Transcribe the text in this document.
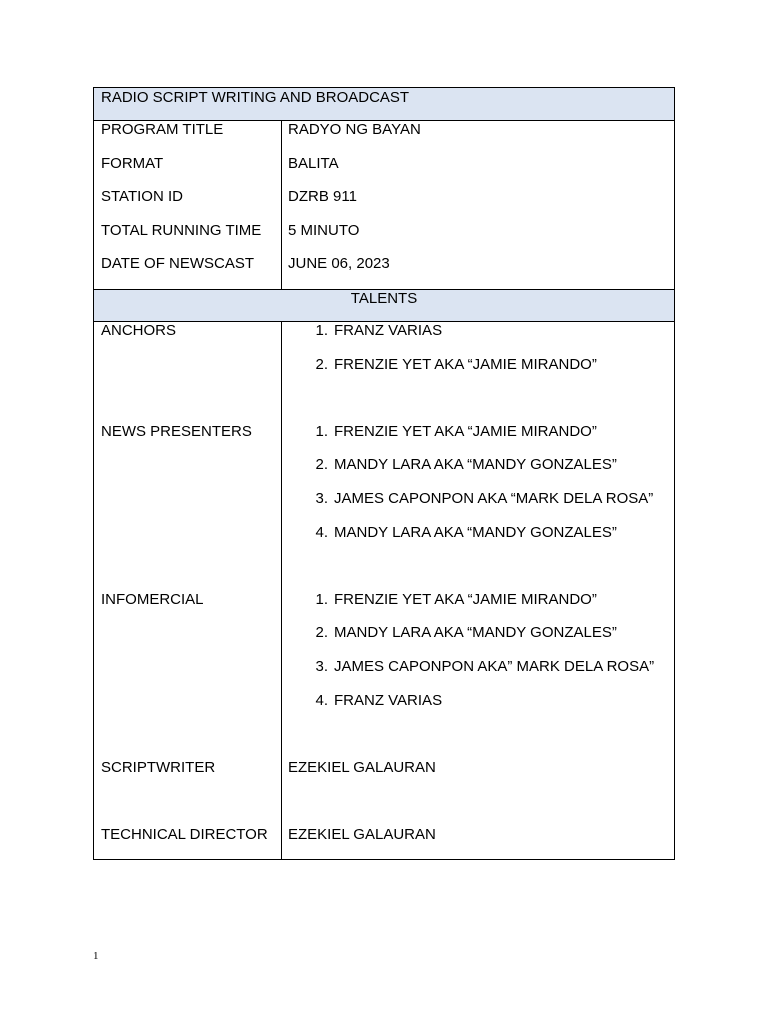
RADIO SCRIPT WRITING AND BROADCAST
PROGRAM TITLE
FORMAT
STATION ID
TOTAL RUNNING TIME
DATE OF NEWSCAST
RADYO NG BAYAN
BALITA
DZRB 911
5 MINUTO
JUNE 06, 2023
TALENTS
ANCHORS
NEWS PRESENTERS
INFOMERCIAL
SCRIPTWRITER
TECHNICAL DIRECTOR
1. FRANZ VARIAS
2. FRENZIE YET AKA “JAMIE MIRANDO”
1. FRENZIE YET AKA “JAMIE MIRANDO”
2. MANDY LARA AKA “MANDY GONZALES”
3. JAMES CAPONPON AKA “MARK DELA ROSA”
4. MANDY LARA AKA “MANDY GONZALES”
1. FRENZIE YET AKA “JAMIE MIRANDO”
2. MANDY LARA AKA “MANDY GONZALES”
3. JAMES CAPONPON AKA” MARK DELA ROSA”
4. FRANZ VARIAS
EZEKIEL GALAURAN
EZEKIEL GALAURAN
1
